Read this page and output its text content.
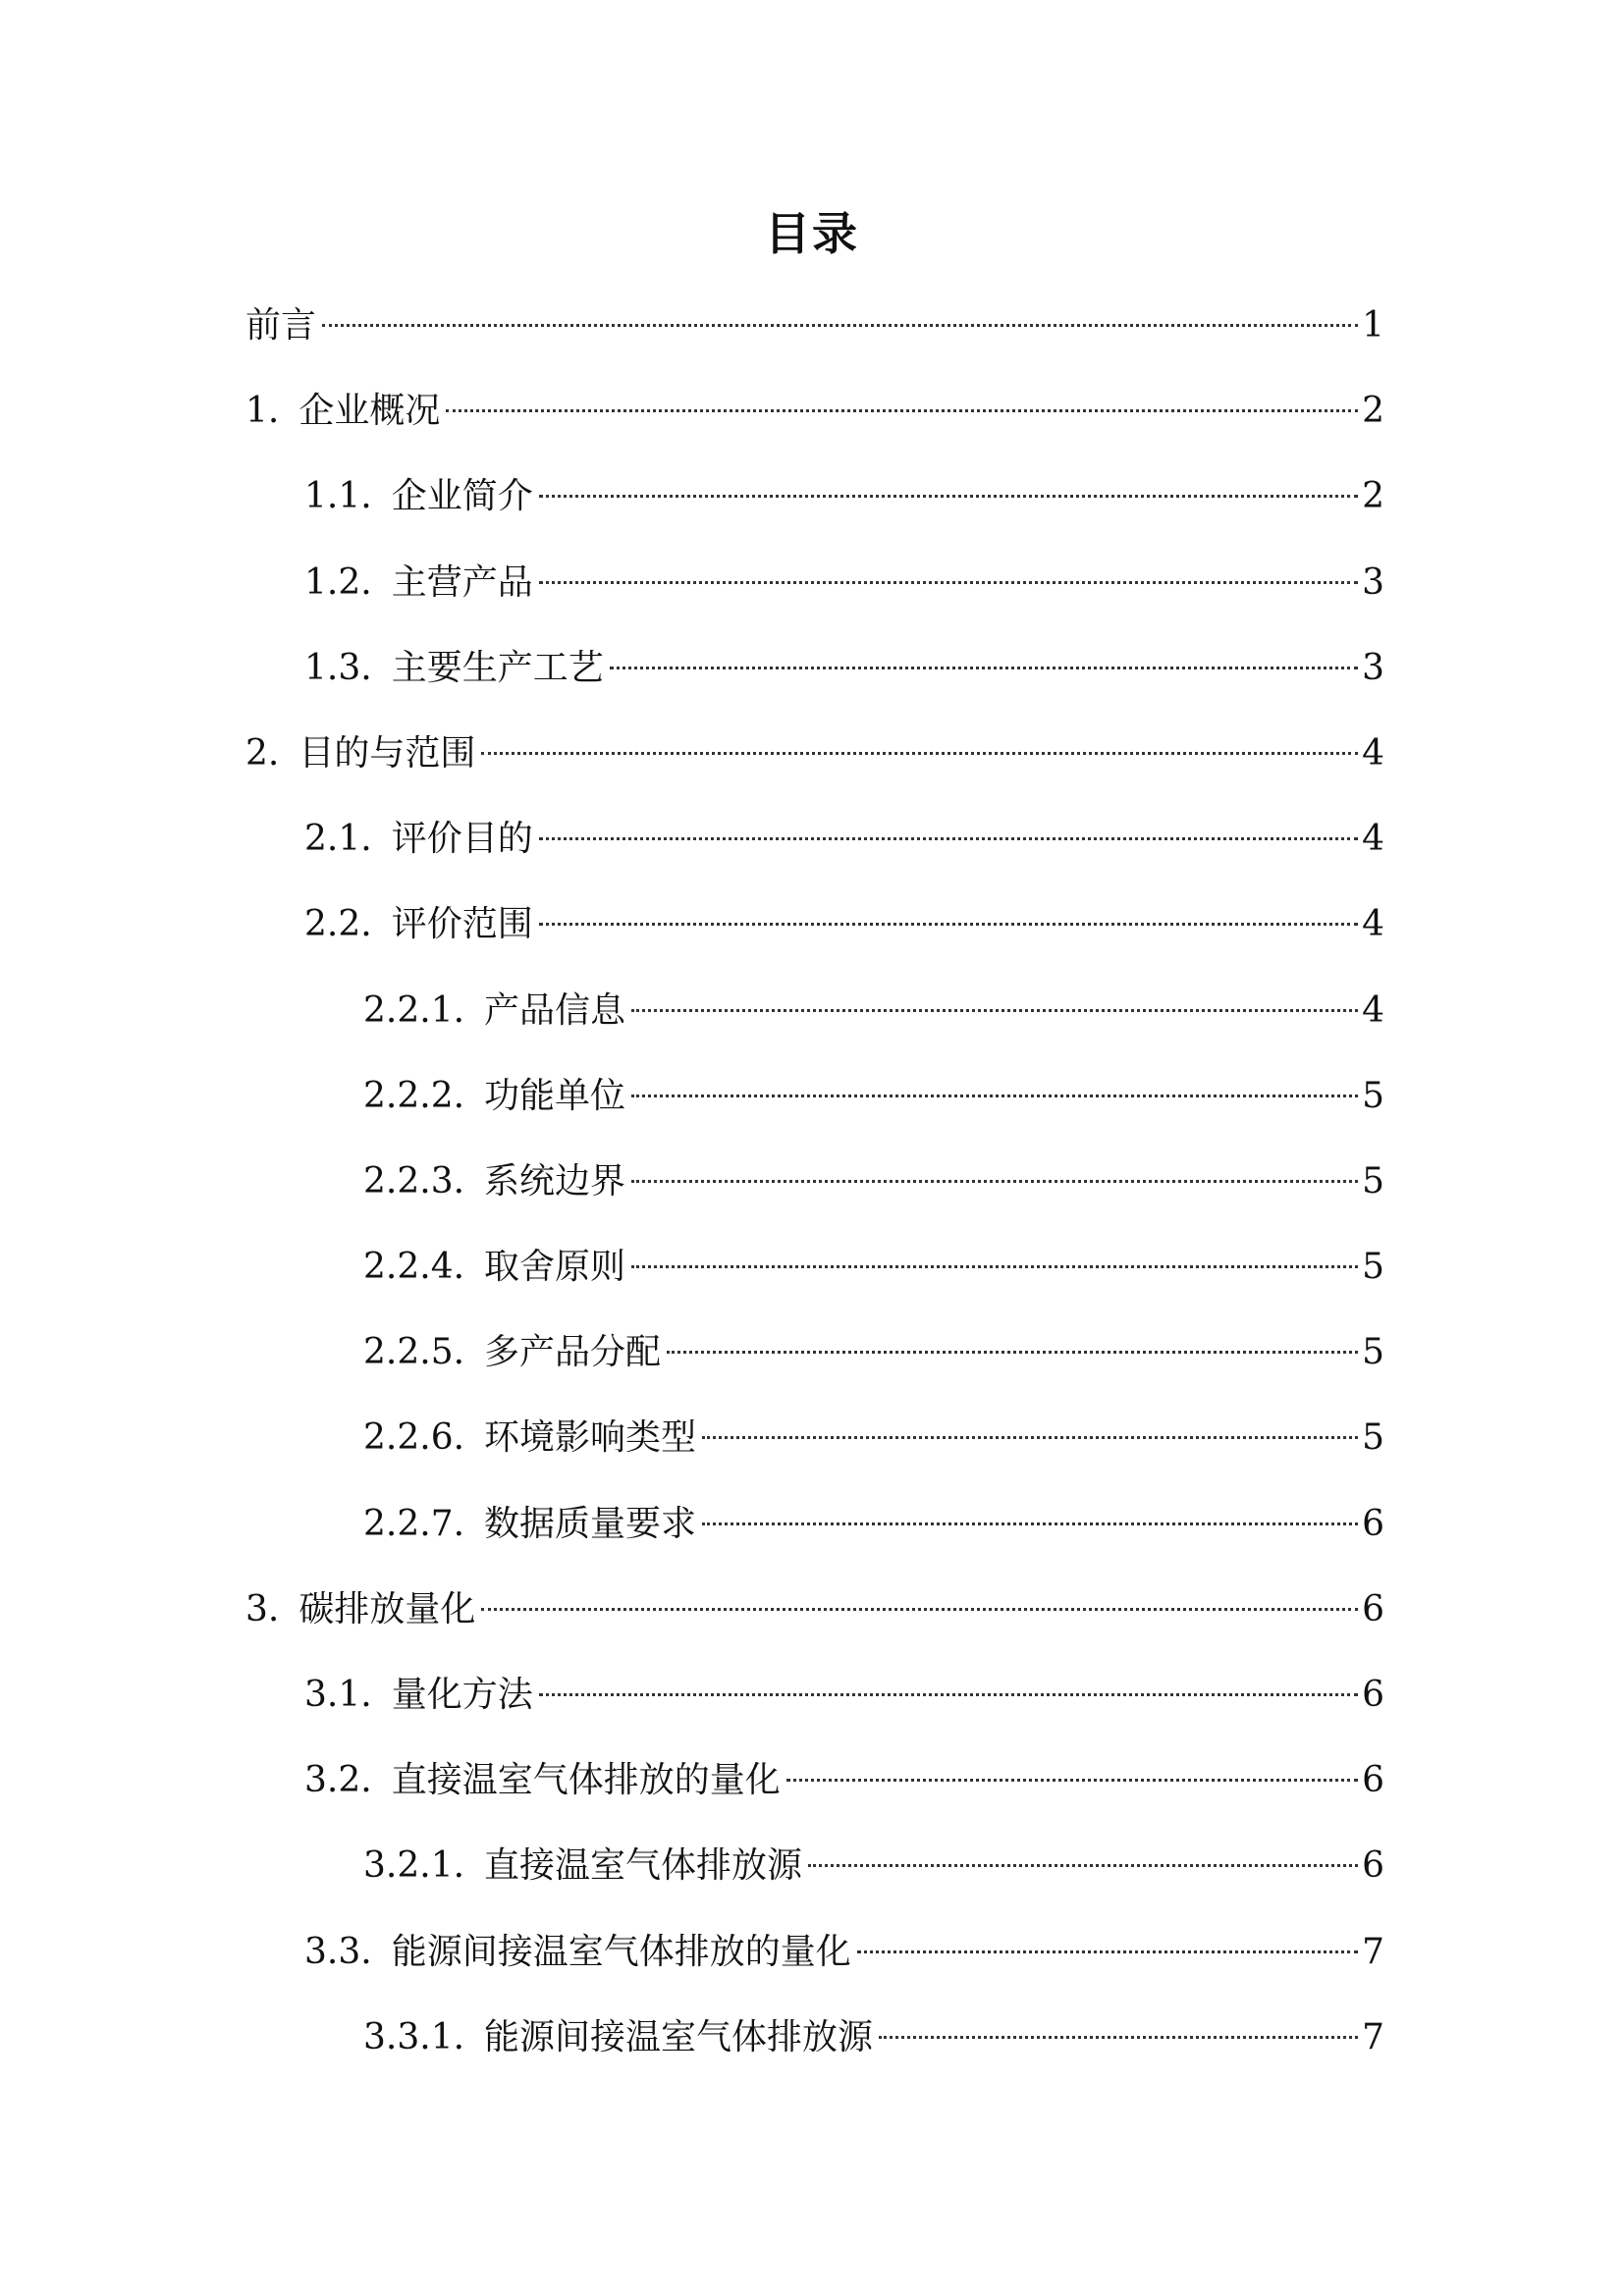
目录
前言	1
1. 企业概况	2
1.1. 企业简介	2
1.2. 主营产品	3
1.3. 主要生产工艺	3
2. 目的与范围	4
2.1. 评价目的	4
2.2. 评价范围	4
2.2.1. 产品信息	4
2.2.2. 功能单位	5
2.2.3. 系统边界	5
2.2.4. 取舍原则	5
2.2.5. 多产品分配	5
2.2.6. 环境影响类型	5
2.2.7. 数据质量要求	6
3. 碳排放量化	6
3.1. 量化方法	6
3.2. 直接温室气体排放的量化	6
3.2.1. 直接温室气体排放源	6
3.3. 能源间接温室气体排放的量化	7
3.3.1. 能源间接温室气体排放源	7
